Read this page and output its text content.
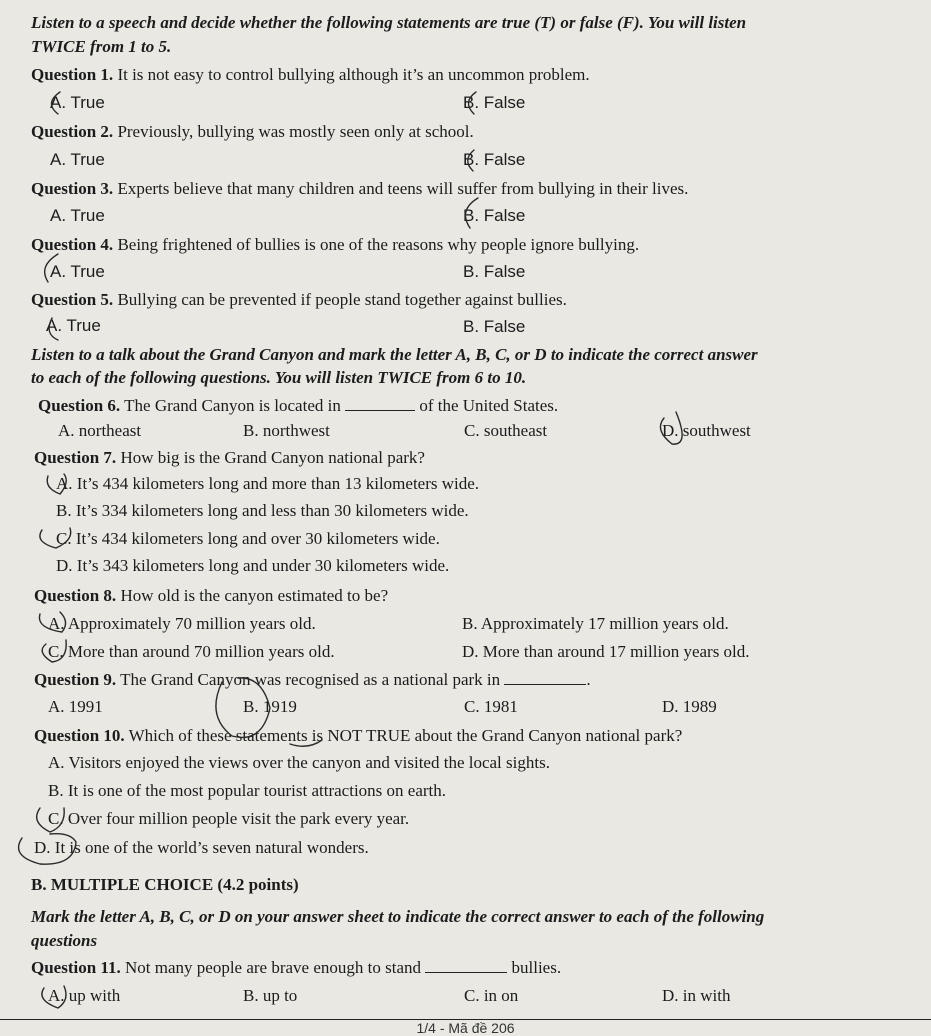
Listen to a speech and decide whether the following statements are true (T) or false (F). You will listen
TWICE from 1 to 5.
Question 1. It is not easy to control bullying although it’s an uncommon problem.
A. True	B. False
Question 2. Previously, bullying was mostly seen only at school.
A. True	B. False
Question 3. Experts believe that many children and teens will suffer from bullying in their lives.
A. True	B. False
Question 4. Being frightened of bullies is one of the reasons why people ignore bullying.
A. True	B. False
Question 5. Bullying can be prevented if people stand together against bullies.
A. True	B. False
Listen to a talk about the Grand Canyon and mark the letter A, B, C, or D to indicate the correct answer
to each of the following questions. You will listen TWICE from 6 to 10.
Question 6. The Grand Canyon is located in	of the United States.
A. northeast	B. northwest	C. southeast	D. southwest
Question 7. How big is the Grand Canyon national park?
A. It’s 434 kilometers long and more than 13 kilometers wide.
B. It’s 334 kilometers long and less than 30 kilometers wide.
C. It’s 434 kilometers long and over 30 kilometers wide.
D. It’s 343 kilometers long and under 30 kilometers wide.
Question 8. How old is the canyon estimated to be?
A. Approximately 70 million years old.	B. Approximately 17 million years old.
C. More than around 70 million years old.	D. More than around 17 million years old.
Question 9. The Grand Canyon was recognised as a national park in	.
A. 1991	B. 1919	C. 1981	D. 1989
Question 10. Which of these statements is NOT TRUE about the Grand Canyon national park?
A. Visitors enjoyed the views over the canyon and visited the local sights.
B. It is one of the most popular tourist attractions on earth.
C. Over four million people visit the park every year.
D. It is one of the world’s seven natural wonders.
B. MULTIPLE CHOICE (4.2 points)
Mark the letter A, B, C, or D on your answer sheet to indicate the correct answer to each of the following
questions
Question 11. Not many people are brave enough to stand	bullies.
A. up with	B. up to	C. in on	D. in with
1/4 - Mã đề 206
